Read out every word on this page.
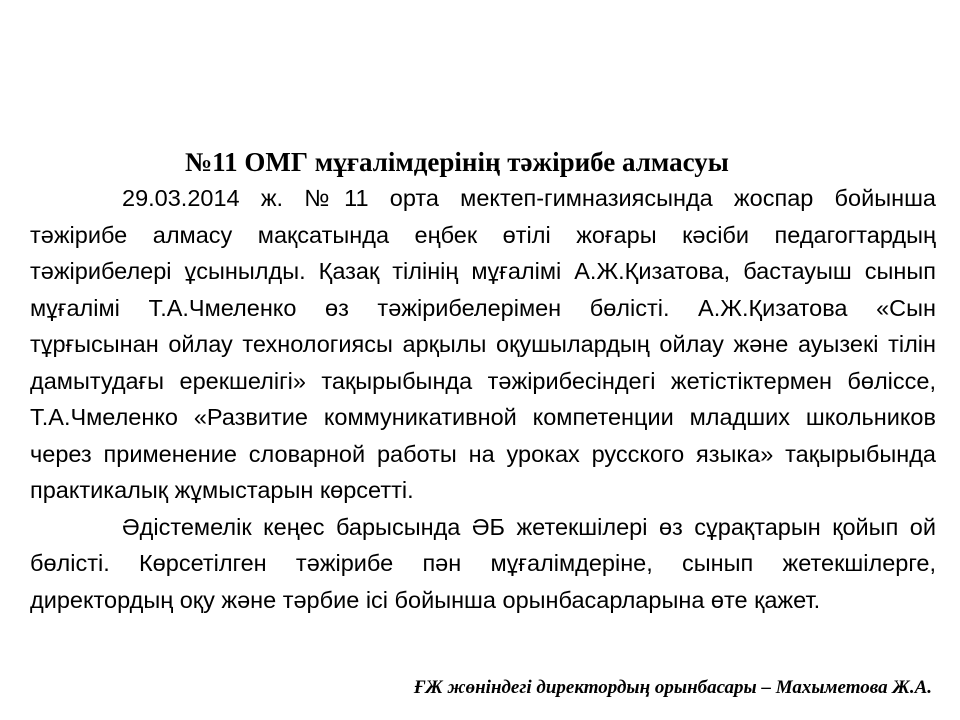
№11 ОМГ мұғалімдерінің тәжірибе алмасуы

29.03.2014 ж. №11 орта мектеп-гимназиясында жоспар бойынша тәжірибе алмасу мақсатында еңбек өтілі жоғары кәсіби педагогтардың тәжірибелері ұсынылды. Қазақ тілінің мұғалімі А.Ж.Қизатова, бастауыш сынып мұғалімі Т.А.Чмеленко өз тәжірибелерімен бөлісті. А.Ж.Қизатова «Сын тұрғысынан ойлау технологиясы арқылы оқушылардың ойлау және ауызекі тілін дамытудағы ерекшелігі» тақырыбында тәжірибесіндегі жетістіктермен бөліссе, Т.А.Чмеленко «Развитие коммуникативной компетенции младших школьников через применение словарной работы на уроках русского языка» тақырыбында практикалық жұмыстарын көрсетті.

Әдістемелік кеңес барысында ӘБ жетекшілері өз сұрақтарын қойып ой бөлісті. Көрсетілген тәжірибе пән мұғалімдеріне, сынып жетекшілерге, директордың оқу және тәрбие ісі бойынша орынбасарларына өте қажет.

ҒЖ жөніндегі директордың орынбасары – Махыметова Ж.А.
